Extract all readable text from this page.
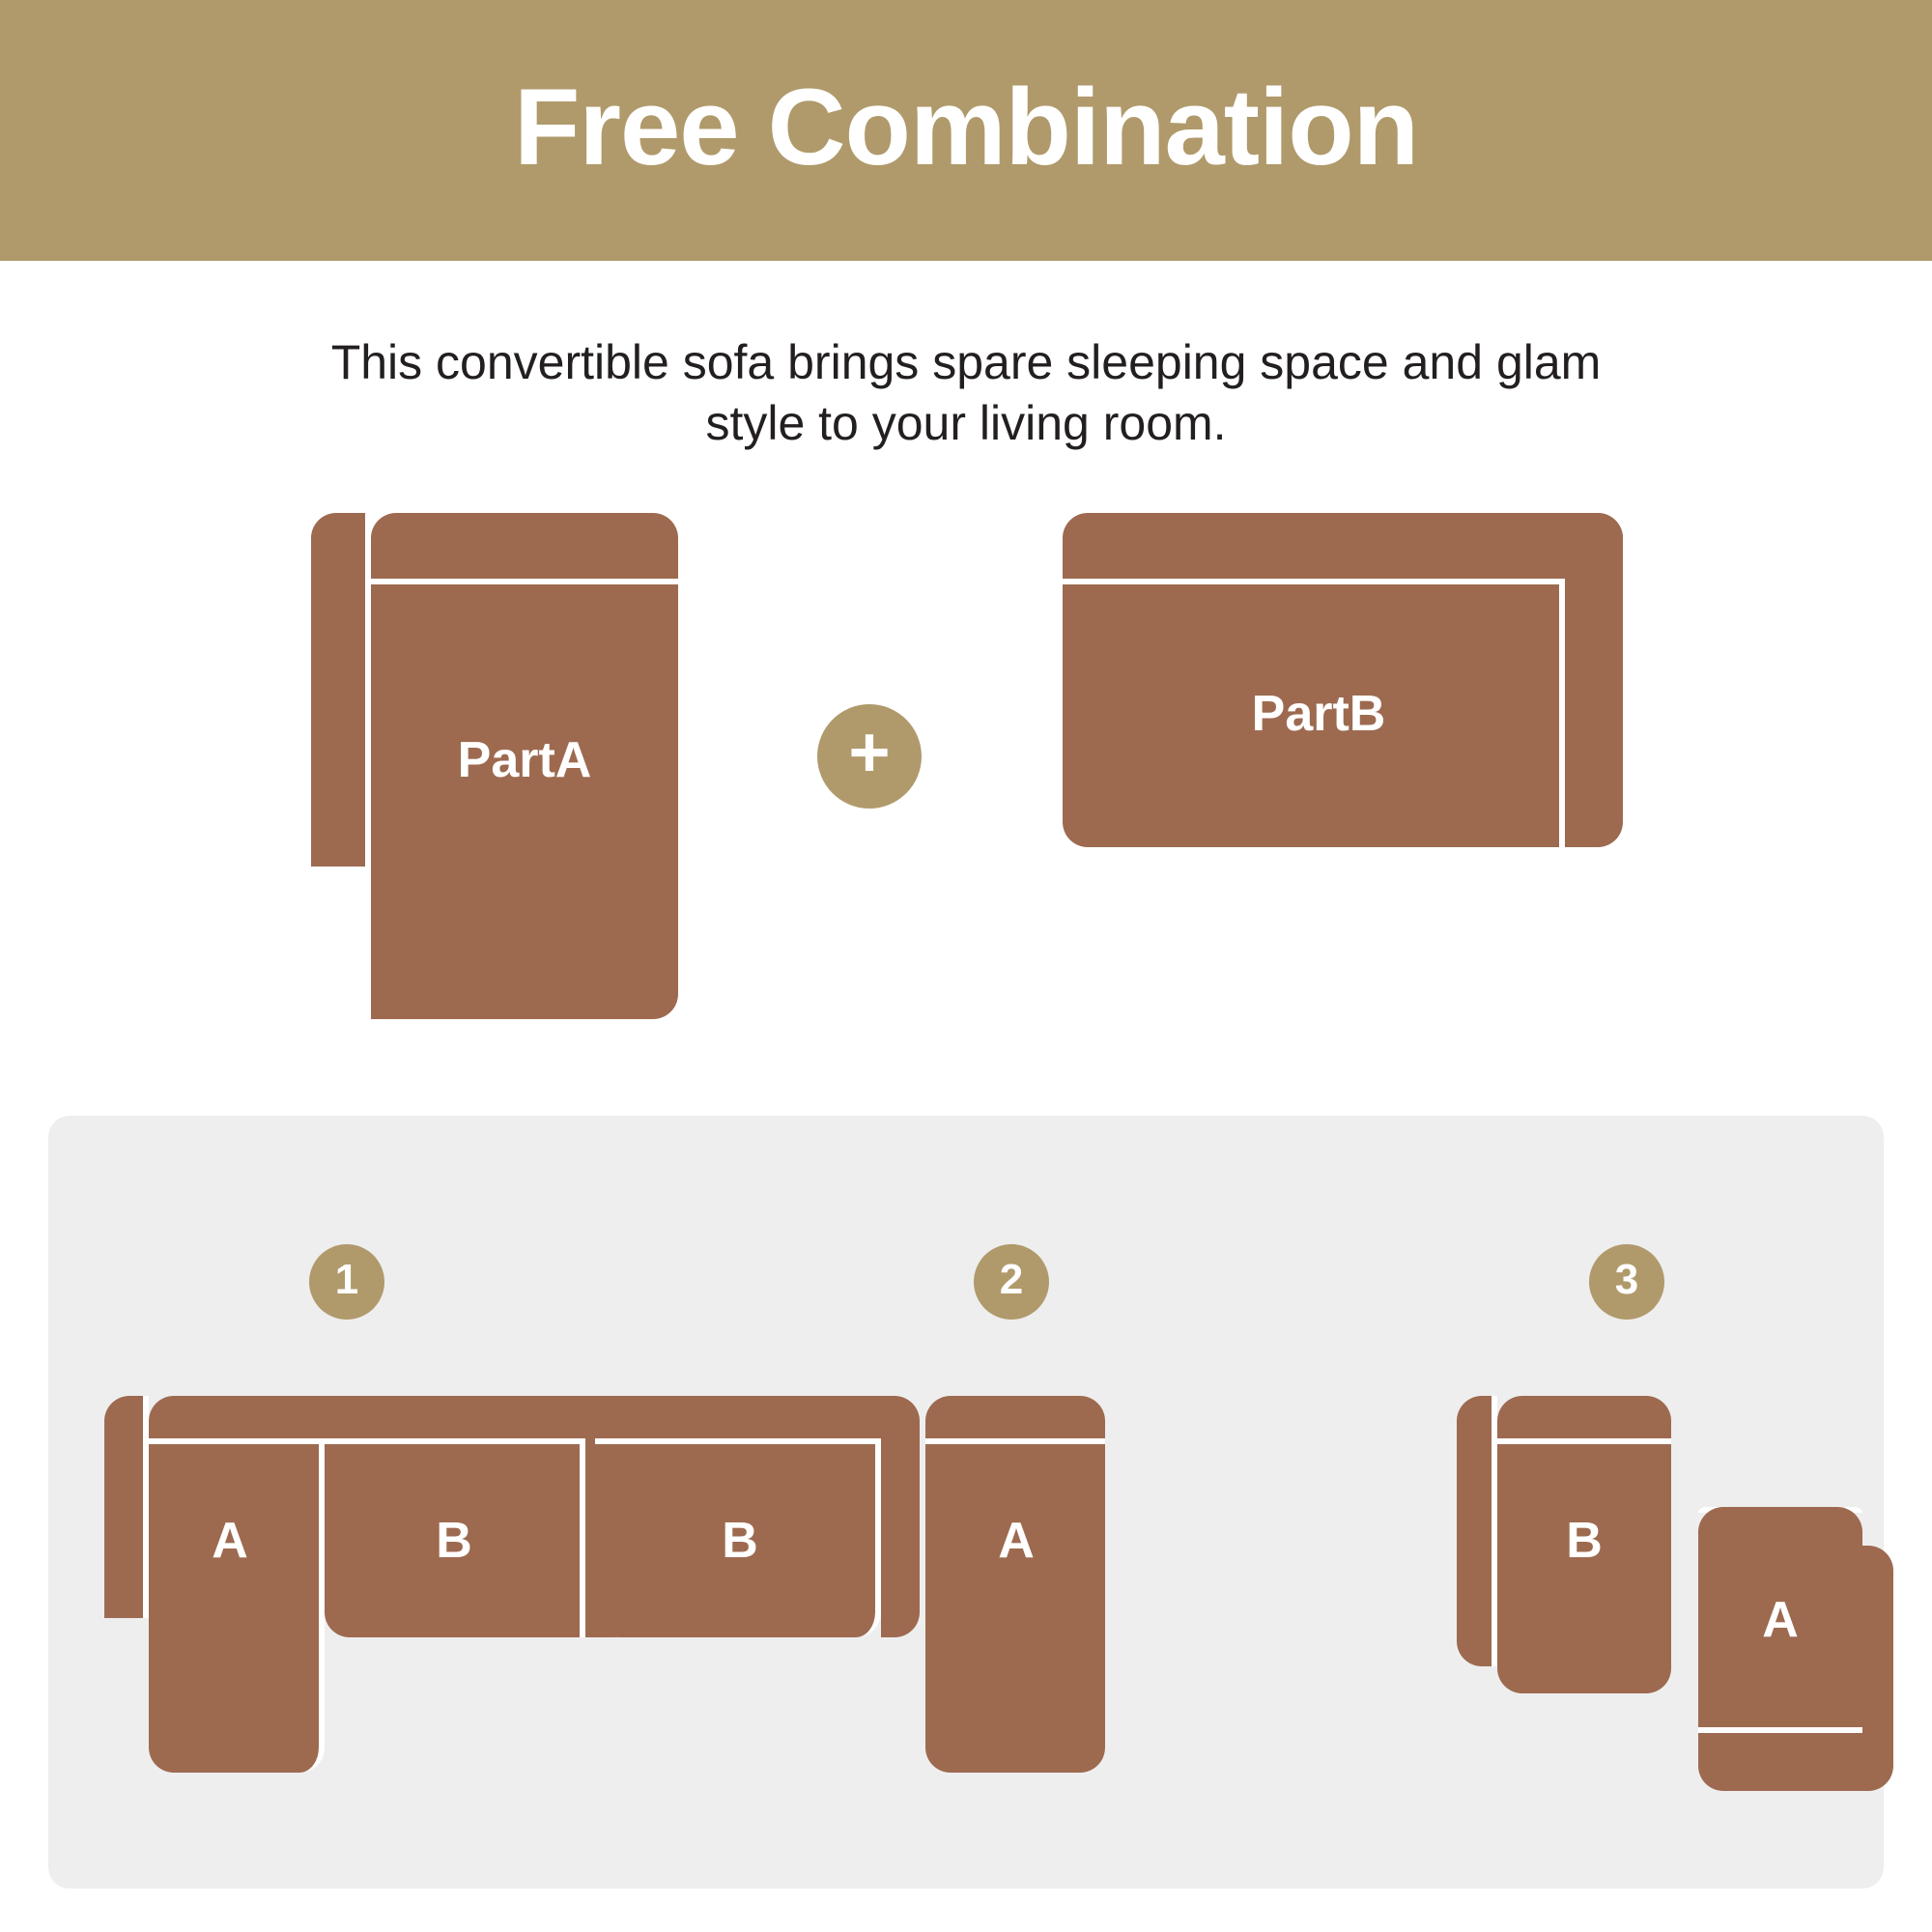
Free Combination
This convertible sofa brings spare sleeping space and glam style to your living room.
PartA	+	PartB
1
A	B
2
B	A
3
B
A
